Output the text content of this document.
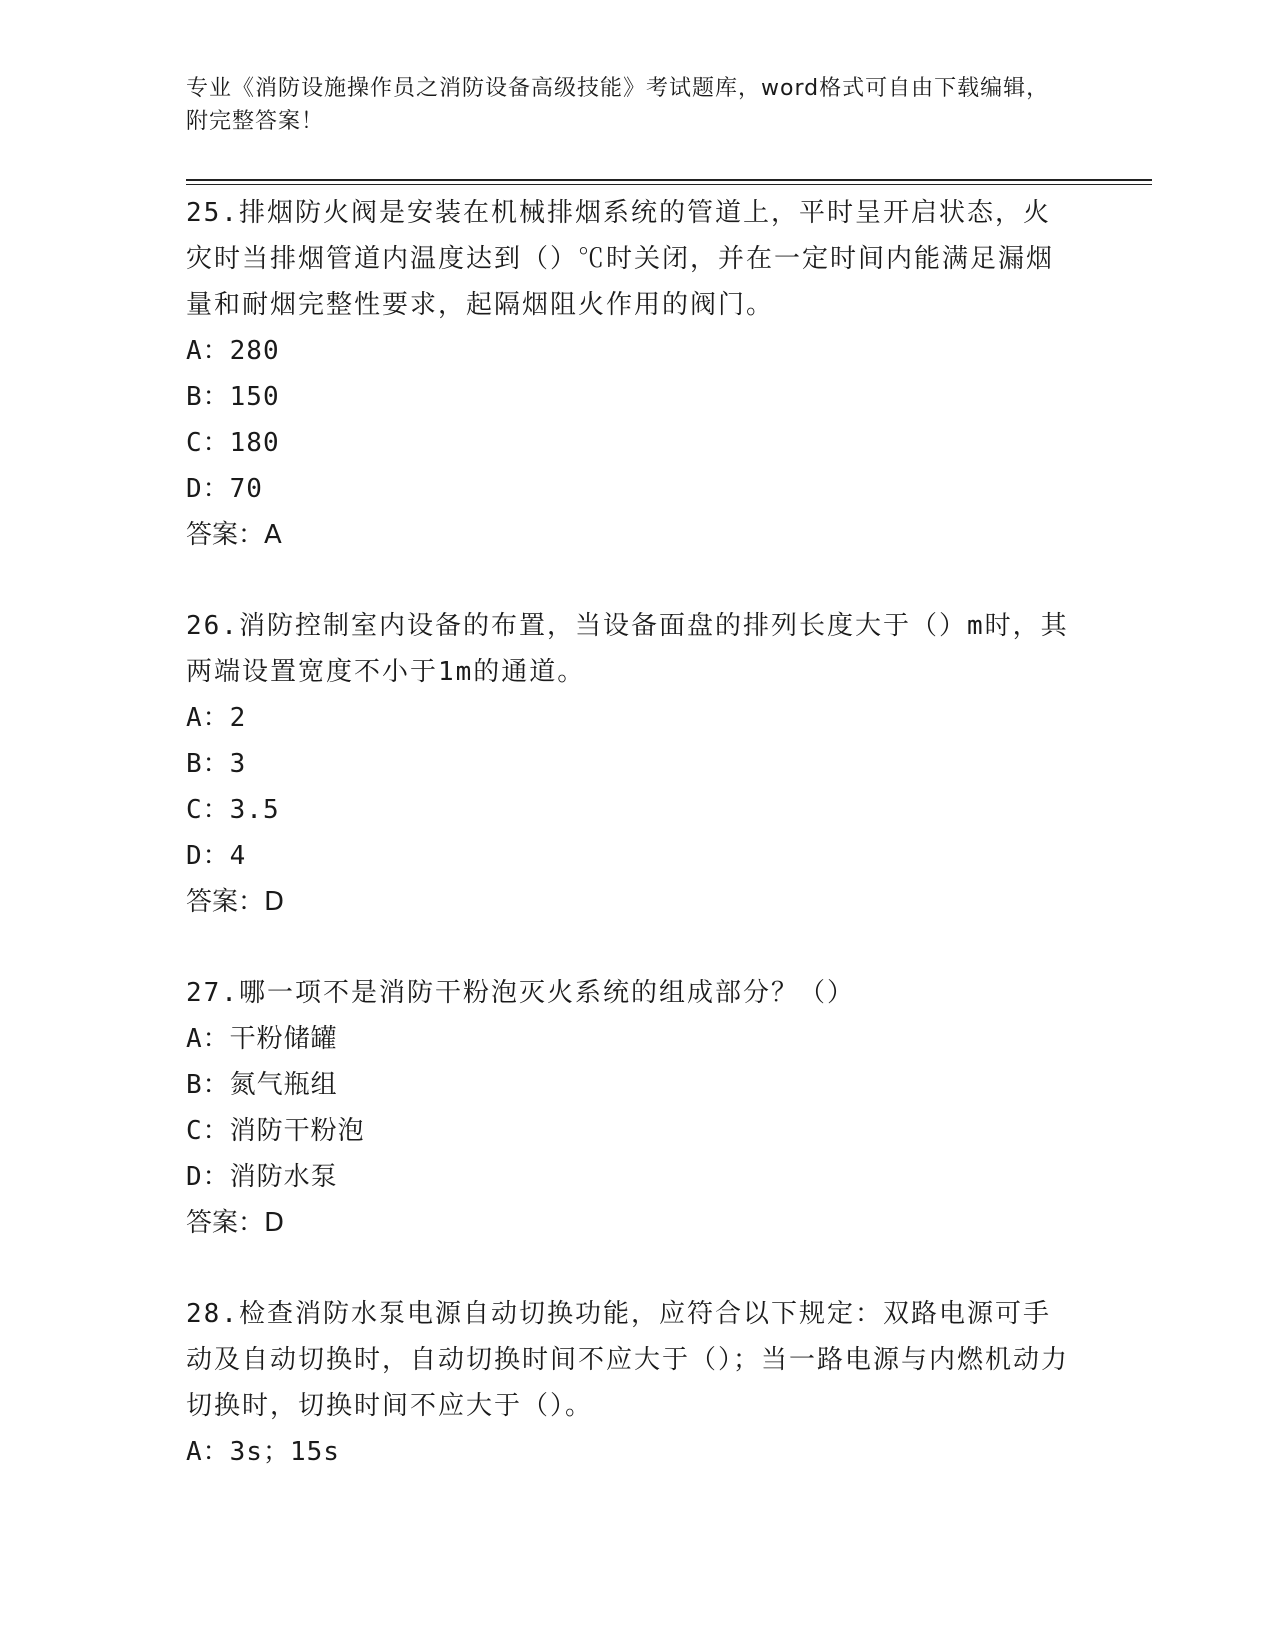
专业《消防设施操作员之消防设备高级技能》考试题库，word格式可自由下载编辑，附完整答案！

25.排烟防火阀是安装在机械排烟系统的管道上，平时呈开启状态，火灾时当排烟管道内温度达到（）℃时关闭，并在一定时间内能满足漏烟量和耐烟完整性要求，起隔烟阻火作用的阀门。

A：280

B：150

C：180

D：70

答案：A

26.消防控制室内设备的布置，当设备面盘的排列长度大于（）m时，其两端设置宽度不小于1m的通道。

A：2

B：3

C：3.5

D：4

答案：D

27.哪一项不是消防干粉泡灭火系统的组成部分？（）

A：干粉储罐

B：氮气瓶组

C：消防干粉泡

D：消防水泵

答案：D

28.检查消防水泵电源自动切换功能，应符合以下规定：双路电源可手动及自动切换时，自动切换时间不应大于（）；当一路电源与内燃机动力切换时，切换时间不应大于（）。

A：3s；15s
